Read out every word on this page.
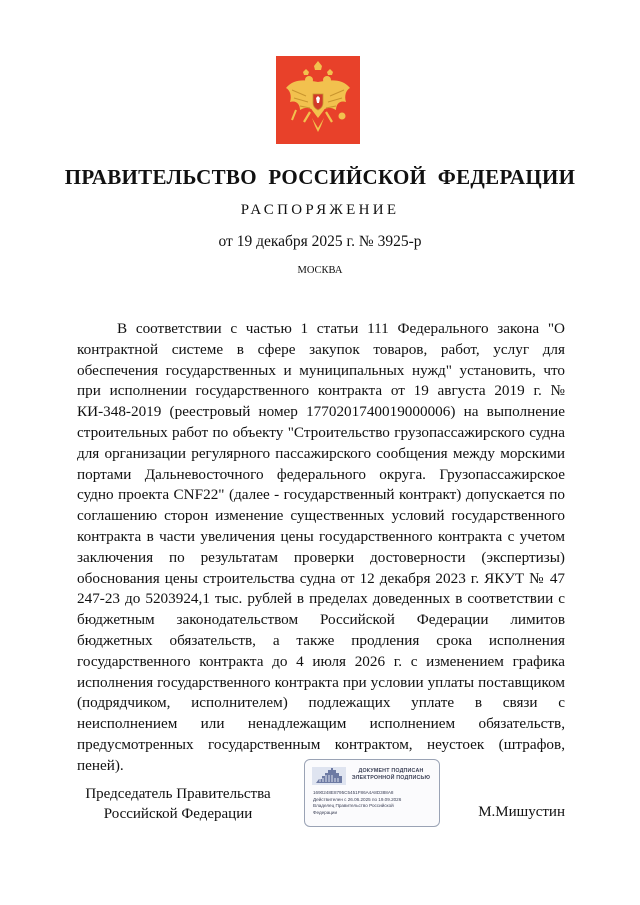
ПРАВИТЕЛЬСТВО РОССИЙСКОЙ ФЕДЕРАЦИИ
РАСПОРЯЖЕНИЕ
от 19 декабря 2025 г. № 3925-р
МОСКВА

В соответствии с частью 1 статьи 111 Федерального закона "О контрактной системе в сфере закупок товаров, работ, услуг для обеспечения государственных и муниципальных нужд" установить, что при исполнении государственного контракта от 19 августа 2019 г. № КИ-348-2019 (реестровый номер 1770201740019000006) на выполнение строительных работ по объекту "Строительство грузопассажирского судна для организации регулярного пассажирского сообщения между морскими портами Дальневосточного федерального округа. Грузопассажирское судно проекта CNF22" (далее - государственный контракт) допускается по соглашению сторон изменение существенных условий государственного контракта в части увеличения цены государственного контракта с учетом заключения по результатам проверки достоверности (экспертизы) обоснования цены строительства судна от 12 декабря 2023 г. ЯКУТ № 47 247-23 до 5203924,1 тыс. рублей в пределах доведенных в соответствии с бюджетным законодательством Российской Федерации лимитов бюджетных обязательств, а также продления срока исполнения государственного контракта до 4 июля 2026 г. с изменением графика исполнения государственного контракта при условии уплаты поставщиком (подрядчиком, исполнителем) подлежащих уплате в связи с неисполнением или ненадлежащим исполнением обязательств, предусмотренных государственным контрактом, неустоек (штрафов, пеней).

Председатель Правительства
Российской Федерации
ДОКУМЕНТ ПОДПИСАН
ЭЛЕКТРОННОЙ ПОДПИСЬЮ
1690248E8795C5451F86A4A8D388A8
Действителен с 26.06.2025 по 19.09.2026
Владелец Правительство Российской
Федерации	М.Мишустин
